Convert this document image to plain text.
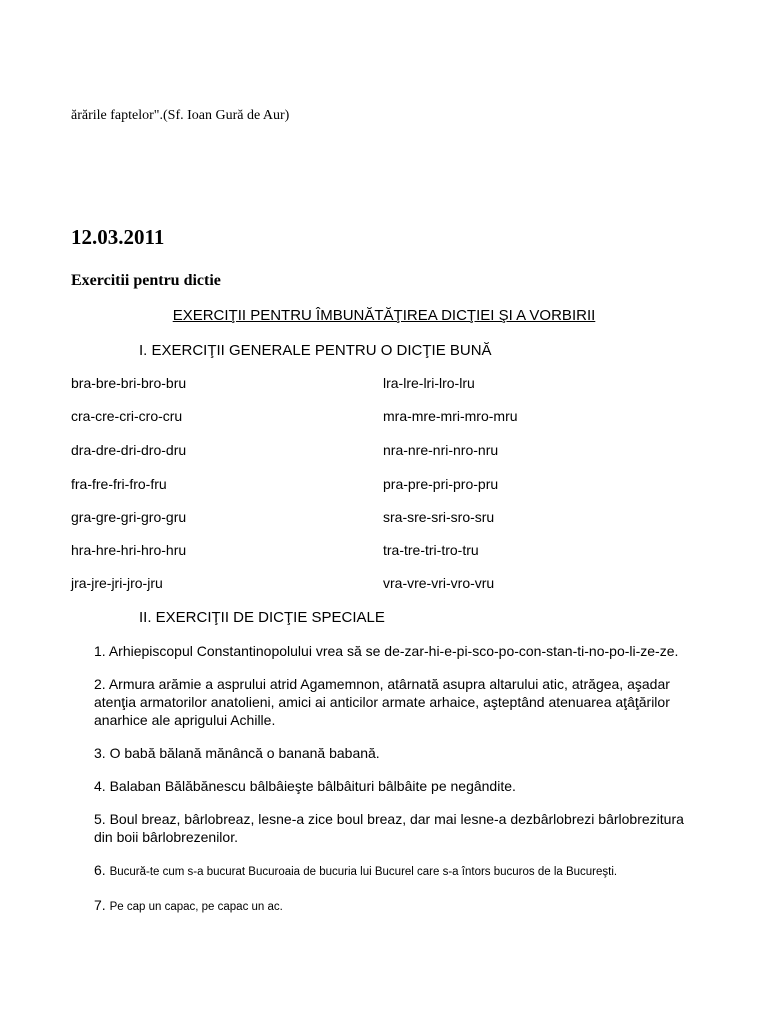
ărările faptelor".(Sf. Ioan Gură de Aur)
12.03.2011
Exercitii pentru dictie
EXERCIŢII PENTRU ÎMBUNĂTĂŢIREA DICŢIEI ŞI A VORBIRII
I. EXERCIŢII GENERALE PENTRU O DICŢIE BUNĂ
bra-bre-bri-bro-bru	lra-lre-lri-lro-lru
cra-cre-cri-cro-cru	mra-mre-mri-mro-mru
dra-dre-dri-dro-dru	nra-nre-nri-nro-nru
fra-fre-fri-fro-fru	pra-pre-pri-pro-pru
gra-gre-gri-gro-gru	sra-sre-sri-sro-sru
hra-hre-hri-hro-hru	tra-tre-tri-tro-tru
jra-jre-jri-jro-jru	vra-vre-vri-vro-vru
II. EXERCIŢII DE DICŢIE SPECIALE

1. Arhiepiscopul Constantinopolului vrea să se de-zar-hi-e-pi-sco-po-con-stan-ti-no-po-li-ze-ze.

2. Armura arămie a asprului atrid Agamemnon, atârnată asupra altarului atic, atrăgea, aşadar atenţia armatorilor anatolieni, amici ai anticilor armate arhaice, aşteptând atenuarea aţâţărilor anarhice ale aprigului Achille.

3. O babă bălană mănâncă o banană babană.

4. Balaban Bălăbănescu bâlbâieşte bâlbâituri bâlbâite pe negândite.

5. Boul breaz, bârlobreaz, lesne-a zice boul breaz, dar mai lesne-a dezbârlobrezi bârlobrezitura din boii bârlobrezenilor.

6. Bucură-te cum s-a bucurat Bucuroaia de bucuria lui Bucurel care s-a întors bucuros de la Bucureşti.

7. Pe cap un capac, pe capac un ac.
